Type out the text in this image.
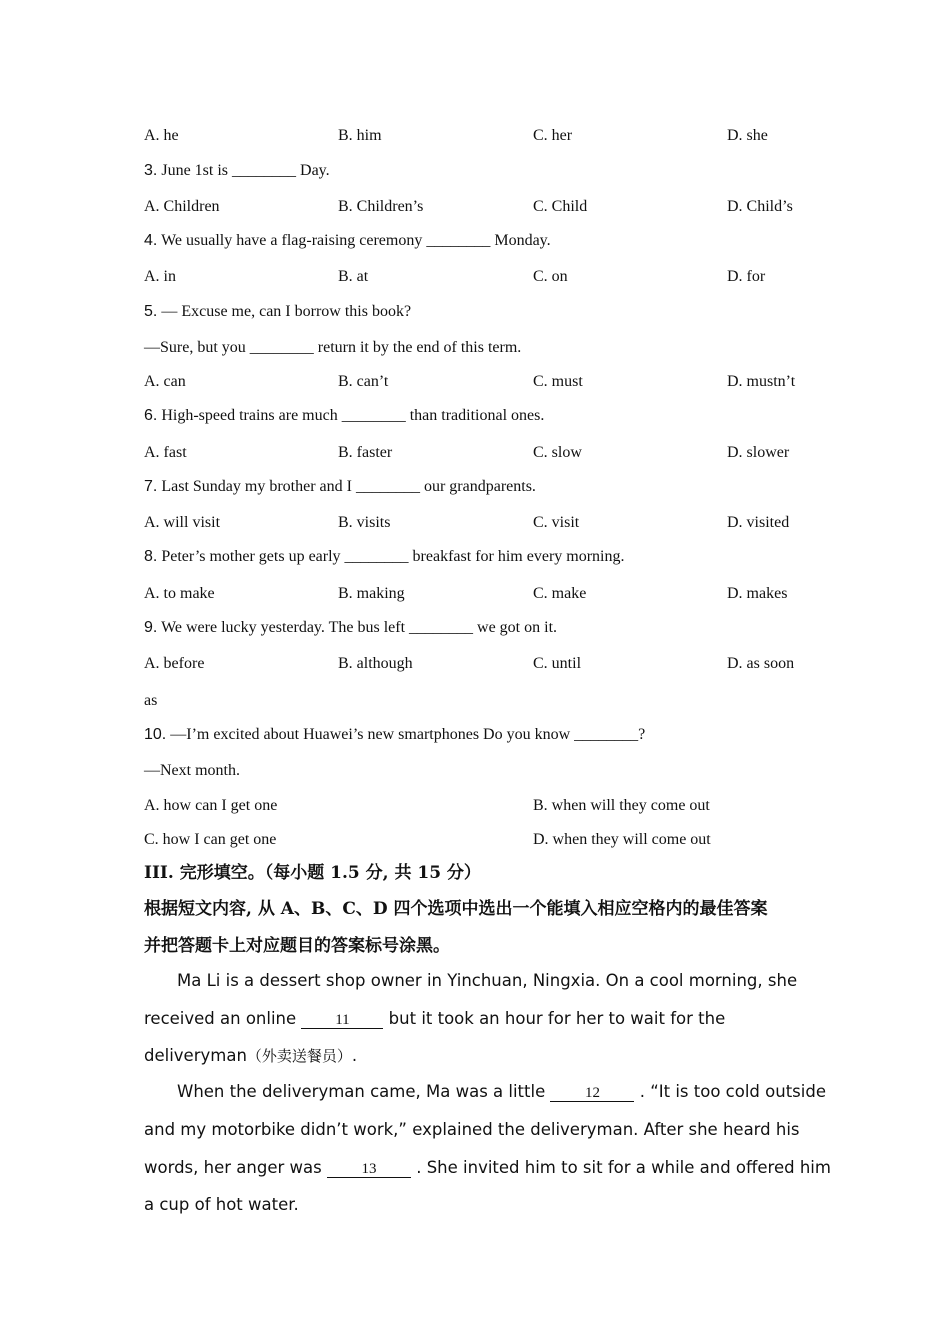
A. he	B. him	C. her	D. she
3. June 1st is ________ Day.
A. Children	B. Children’s	C. Child	D. Child’s
4. We usually have a flag-raising ceremony ________ Monday.
A. in	B. at	C. on	D. for
5. — Excuse me, can I borrow this book?
—Sure, but you ________ return it by the end of this term.
A. can	B. can’t	C. must	D. mustn’t
6. High-speed trains are much ________ than traditional ones.
A. fast	B. faster	C. slow	D. slower
7. Last Sunday my brother and I ________ our grandparents.
A. will visit	B. visits	C. visit	D. visited
8. Peter’s mother gets up early ________ breakfast for him every morning.
A. to make	B. making	C. make	D. makes
9. We were lucky yesterday. The bus left ________ we got on it.
A. before	B. although	C. until	D. as soon
as
10. —I’m excited about Huawei’s new smartphones Do you know ________?
—Next month.
A. how can I get one	B. when will they come out
C. how I can get one	D. when they will come out
III. 完形填空。（每小题 1.5 分, 共 15 分）
根据短文内容, 从 A、B、C、D 四个选项中选出一个能填入相应空格内的最佳答案
并把答题卡上对应题目的答案标号涂黑。
Ma Li is a dessert shop owner in Yinchuan, Ningxia. On a cool morning, she
received an online	11 but it took an hour for her to wait for the
deliveryman（外卖送餐员）.
When the deliveryman came, Ma was a little	12 . “It is too cold outside
and my motorbike didn’t work,” explained the deliveryman. After she heard his
words, her anger was	13 . She invited him to sit for a while and offered him
a cup of hot water.
